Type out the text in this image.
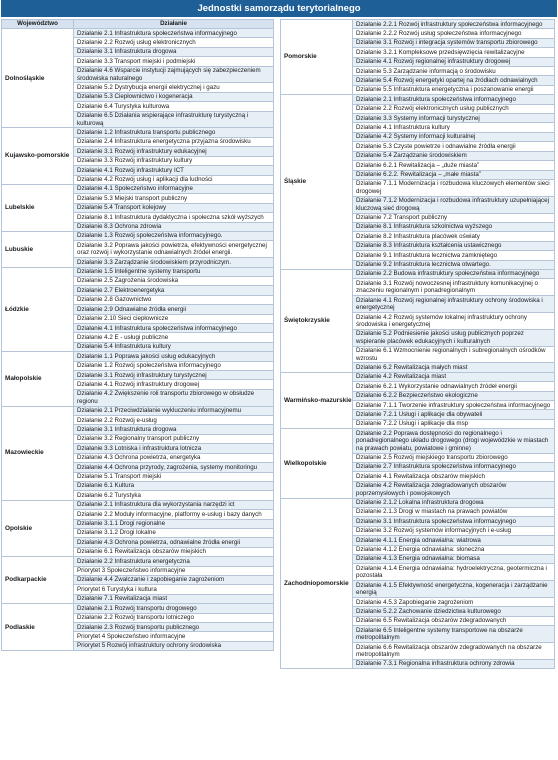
Jednostki samorządu terytorialnego
Województwo	Działanie
Dolnośląskie	Działanie 2.1 Infrastruktura społeczeństwa informacyjnego
	Działanie 2.2 Rozwój usług elektronicznych
	Działanie 3.1 Infrastruktura drogowa
	Działanie 3.3 Transport miejski i podmiejski
	Działanie 4.6 Wsparcie instytucji zajmujących się zabezpieczeniem środowiska naturalnego
	Działanie 5.2 Dystrybucja energii elektrycznej i gazu
	Działanie 5.3 Ciepłownictwo i kogeneracja
	Działanie 6.4 Turystyka kulturowa
	Działanie 6.5 Działania wspierające infrastrukturę turystyczną i kulturową
Kujawsko-pomorskie	Działanie 1.2 Infrastruktura transportu publicznego
	Działanie 2.4 Infrastruktura energetyczna przyjazna środowisku
	Działanie 3.1 Rozwój infrastruktury edukacyjnej
	Działanie 3.3 Rozwój infrastruktury kultury
	Działanie 4.1 Rozwój infrastruktury ICT
	Działanie 4.2 Rozwój usług i aplikacji dla ludności
Lubelskie	Działanie 4.1 Społeczeństwo informacyjne
	Działanie 5.3 Miejski transport publiczny
	Działanie 5.4 Transport kolejowy
	Działanie 8.1 Infrastruktura dydaktyczna i społeczna szkół wyższych
	Działanie 8.3 Ochrona zdrowia
Lubuskie	Działanie 1.3 Rozwój społeczeństwa informacyjnego.
	Działanie 3.2 Poprawa jakości powietrza, efektywności energetycznej oraz rozwój i wykorzystanie odnawialnych źródeł energii.
	Działanie 3.3 Zarządzanie środowiskiem przyrodniczym.
Łódzkie	Działanie 1.5 Inteligentne systemy transportu
	Działanie 2.5 Zagrożenia środowiska
	Działanie 2.7 Elektroenergetyka
	Działanie 2.8 Gazownictwo
	Działanie 2.9 Odnawialne źródła energii
	Działanie 2.10 Sieci ciepłownicze
	Działanie 4.1 Infrastruktura społeczeństwa informacyjnego
	Działanie 4.2 E - usługi publiczne
	Działanie 5.4 Infrastruktura kultury
Małopolskie	Działanie 1.1 Poprawa jakości usług edukacyjnych
	Działanie 1.2 Rozwój społeczeństwa informacyjnego
	Działanie 3.1 Rozwój infrastruktury turystycznej
	Działanie 4.1 Rozwój infrastruktury drogowej
	Działanie 4.2 Zwiększenie roli transportu zbiorowego w obsłudze regionu
Mazowieckie	Działanie 2.1 Przeciwdziałanie wykluczeniu informacyjnemu
	Działanie 2.2 Rozwój e-usług
	Działanie 3.1 Infrastruktura drogowa
	Działanie 3.2 Regionalny transport publiczny
	Działanie 3.3 Lotniska i infrastruktura lotnicza
	Działanie 4.3 Ochrona powietrza, energetyka
	Działanie 4.4 Ochrona przyrody, zagrożenia, systemy monitoringu
	Działanie 5.1 Transport miejski
	Działanie 6.1 Kultura
	Działanie 6.2 Turystyka
Opolskie	Działanie 2.1 Infrastruktura dla wykorzystania narzędzi ict
	Działanie 2.2 Moduły informacyjne, platformy e-usług i bazy danych
	Działanie 3.1.1 Drogi regionalne
	Działanie 3.1.2 Drogi lokalne
	Działanie 4.3 Ochrona powietrza, odnawialne źródła energii
	Działanie 6.1 Rewitalizacja obszarów miejskich
Podkarpackie	Działanie 2.2 Infrastruktura energetyczna
	Priorytet 3 Społeczeństwo informacyjne
	Działanie 4.4 Zwalczanie i zapobieganie zagrożeniom
	Priorytet 6 Turystyka i kultura
	Działanie 7.1 Rewitalizacja miast
Podlaskie	Działanie 2.1 Rozwój transportu drogowego
	Działanie 2.2 Rozwój transportu lotniczego
	Działanie 2.3 Rozwój transportu publicznego
	Priorytet 4 Społeczeństwo informacyjne
	Priorytet 5 Rozwój infrastruktury ochrony środowiska
Pomorskie	Działanie 2.2.1 Rozwój infrastruktury społeczeństwa informacyjnego
	Działanie 2.2.2 Rozwój usług społeczeństwa informacyjnego
	Działanie 3.1 Rozwój i integracja systemów transportu zbiorowego
	Działanie 3.2.1 Kompleksowe przedsięwzięcia rewitalizacyjne
	Działanie 4.1 Rozwój regionalnej infrastruktury drogowej
	Działanie 5.3 Zarządzanie informacją o środowisku
	Działanie 5.4 Rozwój energetyki opartej na źródłach odnawialnych
	Działanie 5.5 Infrastruktura energetyczna i poszanowanie energii
Śląskie	Działanie 2.1 Infrastruktura społeczeństwa informacyjnego
	Działanie 2.2 Rozwój elektronicznych usług publicznych
	Działanie 3.3 Systemy informacji turystycznej
	Działanie 4.1 Infrastruktura kultury
	Działanie 4.2 Systemy informacji kulturalnej
	Działanie 5.3 Czyste powietrze i odnawialne źródła energii
	Działanie 5.4 Zarządzanie środowiskiem
	Działanie 6.2.1 Rewitalizacja – „duże miasta”
	Działanie 6.2.2. Rewitalizacja – „małe miasta”
	Działanie 7.1.1 Modernizacja i rozbudowa kluczowych elementów sieci drogowej
	Działanie 7.1.2 Modernizacja i rozbudowa infrastruktury uzupełniającej kluczową sieć drogową
	Działanie 7.2 Transport publiczny
	Działanie 8.1 Infrastruktura szkolnictwa wyższego
	Działanie 8.2 Infrastruktura placówek oświaty
	Działanie 8.3 Infrastruktura kształcenia ustawicznego
	Działanie 9.1 Infrastruktura lecznictwa zamkniętego
	Działanie 9.2 Infrastruktura lecznictwa otwartego.
Świętokrzyskie	Działanie 2.2 Budowa infrastruktury społeczeństwa informacyjnego
	Działanie 3.1 Rozwój nowoczesnej infrastruktury komunikacyjnej o znaczeniu regionalnym i ponadregionalnym
	Działanie 4.1 Rozwój regionalnej infrastruktury ochrony środowiska i energetycznej
	Działanie 4.2 Rozwój systemów lokalnej infrastruktury ochrony środowiska i energetycznej
	Działanie 5.2 Podniesienie jakości usług publicznych poprzez wspieranie placówek edukacyjnych i kulturalnych
	Działanie 6.1 Wzmocnienie regionalnych i subregionalnych ośrodków wzrostu
	Działanie 6.2 Rewitalizacja małych miast
Warmińsko-mazurskie	Działanie 4.2 Rewitalizacja miast
	Działanie 6.2.1 Wykorzystanie odnawialnych źródeł energii
	Działanie 6.2.2 Bezpieczeństwo ekologiczne
	Działanie 7.1.1 Tworzenie infrastruktury społeczeństwa informacyjnego
	Działanie 7.2.1 Usługi i aplikacje dla obywateli
	Działanie 7.2.2 Usługi i aplikacje dla msp
Wielkopolskie	Działanie 2.2 Poprawa dostępności do regionalnego i ponadregionalnego układu drogowego (drogi wojewódzkie w miastach na prawach powiatu, powiatowe i gminne)
	Działanie 2.5 Rozwój miejskiego transportu zbiorowego
	Działanie 2.7 Infrastruktura społeczeństwa informacyjnego
	Działanie 4.1 Rewitalizacja obszarów miejskich
	Działanie 4.2 Rewitalizacja zdegradowanych obszarów poprzemysłowych i powojskowych
Zachodniopomorskie	Działanie 2.1.2 Lokalna infrastruktura drogowa
	Działanie 2.1.3 Drogi w miastach na prawach powiatów
	Działanie 3.1 Infrastruktura społeczeństwa informacyjnego
	Działanie 3.2 Rozwój systemów informacyjnych i e-usług
	Działanie 4.1.1 Energia odnawialna: wiatrowa
	Działanie 4.1.2 Energia odnawialna: słoneczna
	Działanie 4.1.3 Energia odnawialna: biomasa
	Działanie 4.1.4 Energia odnawialna: hydroelektryczna, geotermiczna i pozostała
	Działanie 4.1.5 Efektywność energetyczna, kogeneracja i zarządzanie energią
	Działanie 4.5.3 Zapobieganie zagrożeniom
	Działanie 5.2.2 Zachowanie dziedzictwa kulturowego
	Działanie 6.5 Rewitalizacja obszarów zdegradowanych
	Działanie 6.5 Inteligentne systemy transportowe na obszarze metropolitalnym
	Działanie 6.6 Rewitalizacja obszarów zdegradowanych na obszarze metropolitalnym
	Działanie 7.3.1 Regionalna infrastruktura ochrony zdrowia
